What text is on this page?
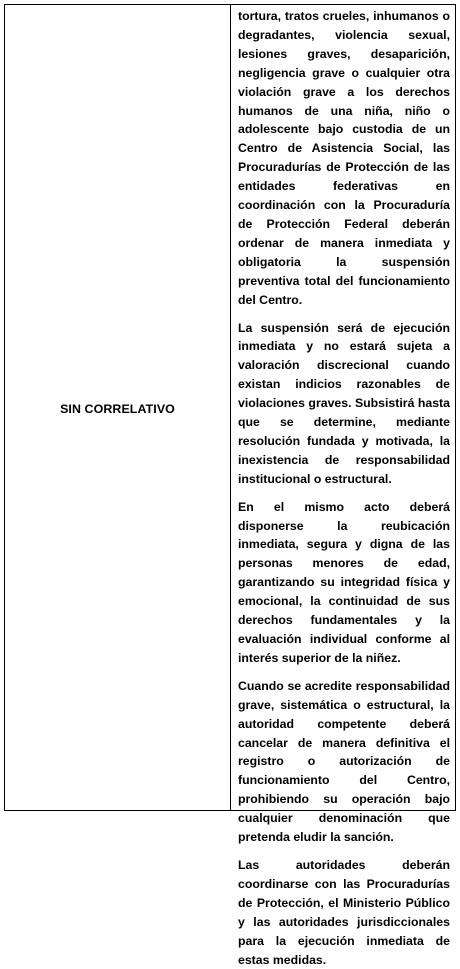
SIN CORRELATIVO

tortura, tratos crueles, inhumanos o degradantes, violencia sexual, lesiones graves, desaparición, negligencia grave o cualquier otra violación grave a los derechos humanos de una niña, niño o adolescente bajo custodia de un Centro de Asistencia Social, las Procuradurías de Protección de las entidades federativas en coordinación con la Procuraduría de Protección Federal deberán ordenar de manera inmediata y obligatoria la suspensión preventiva total del funcionamiento del Centro.

La suspensión será de ejecución inmediata y no estará sujeta a valoración discrecional cuando existan indicios razonables de violaciones graves. Subsistirá hasta que se determine, mediante resolución fundada y motivada, la inexistencia de responsabilidad institucional o estructural.

En el mismo acto deberá disponerse la reubicación inmediata, segura y digna de las personas menores de edad, garantizando su integridad física y emocional, la continuidad de sus derechos fundamentales y la evaluación individual conforme al interés superior de la niñez.

Cuando se acredite responsabilidad grave, sistemática o estructural, la autoridad competente deberá cancelar de manera definitiva el registro o autorización de funcionamiento del Centro, prohibiendo su operación bajo cualquier denominación que pretenda eludir la sanción.

Las autoridades deberán coordinarse con las Procuradurías de Protección, el Ministerio Público y las autoridades jurisdiccionales para la ejecución inmediata de estas medidas.
